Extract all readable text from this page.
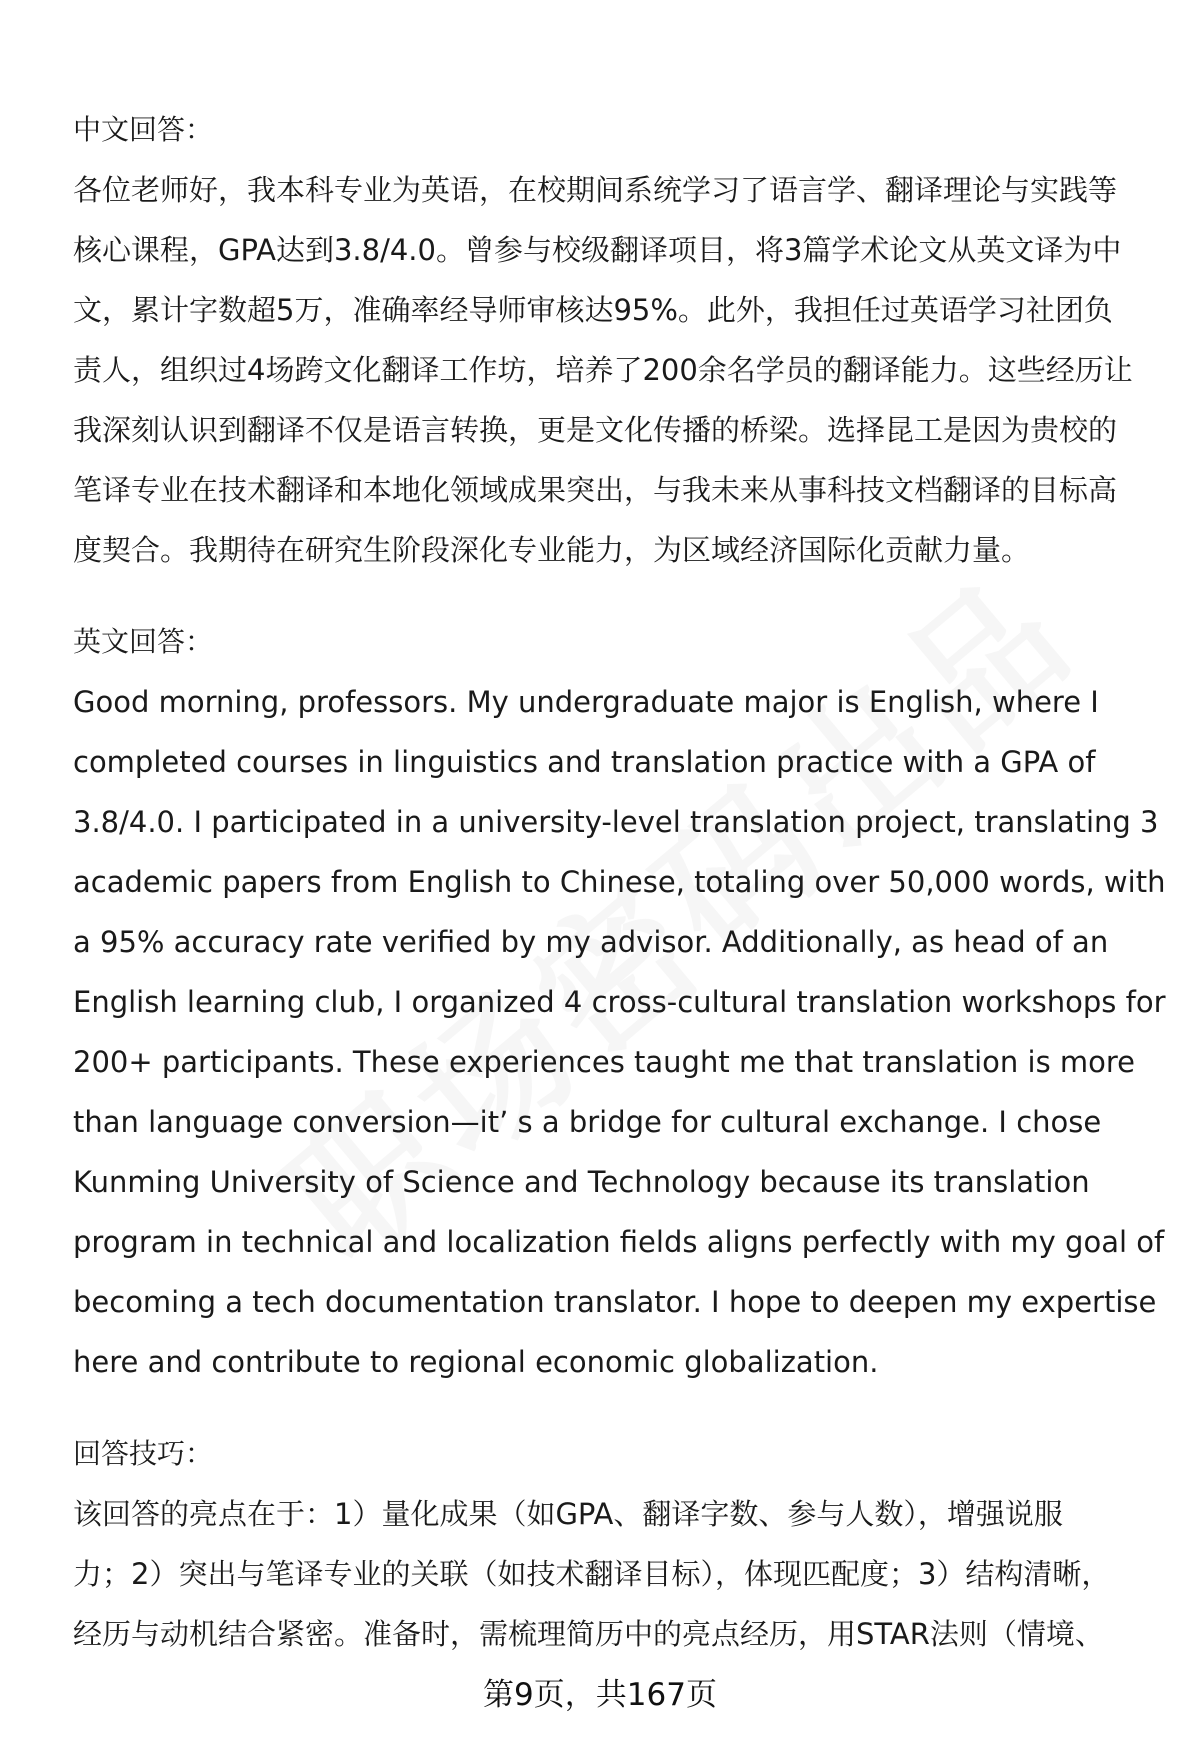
中文回答：

各位老师好，我本科专业为英语，在校期间系统学习了语言学、翻译理论与实践等
核心课程，GPA达到3.8/4.0。曾参与校级翻译项目，将3篇学术论文从英文译为中
文，累计字数超5万，准确率经导师审核达95%。此外，我担任过英语学习社团负
责人，组织过4场跨文化翻译工作坊，培养了200余名学员的翻译能力。这些经历让
我深刻认识到翻译不仅是语言转换，更是文化传播的桥梁。选择昆工是因为贵校的
笔译专业在技术翻译和本地化领域成果突出，与我未来从事科技文档翻译的目标高
度契合。我期待在研究生阶段深化专业能力，为区域经济国际化贡献力量。

英文回答：

Good morning, professors. My undergraduate major is English, where I
completed courses in linguistics and translation practice with a GPA of
3.8/4.0. I participated in a university-level translation project, translating 3
academic papers from English to Chinese, totaling over 50,000 words, with
a 95% accuracy rate verified by my advisor. Additionally, as head of an
English learning club, I organized 4 cross-cultural translation workshops for
200+ participants. These experiences taught me that translation is more
than language conversion—it’ s a bridge for cultural exchange. I chose
Kunming University of Science and Technology because its translation
program in technical and localization fields aligns perfectly with my goal of
becoming a tech documentation translator. I hope to deepen my expertise
here and contribute to regional economic globalization.

回答技巧：

该回答的亮点在于：1）量化成果（如GPA、翻译字数、参与人数），增强说服
力；2）突出与笔译专业的关联（如技术翻译目标），体现匹配度；3）结构清晰，
经历与动机结合紧密。准备时，需梳理简历中的亮点经历，用STAR法则（情境、
第9页，共167页
